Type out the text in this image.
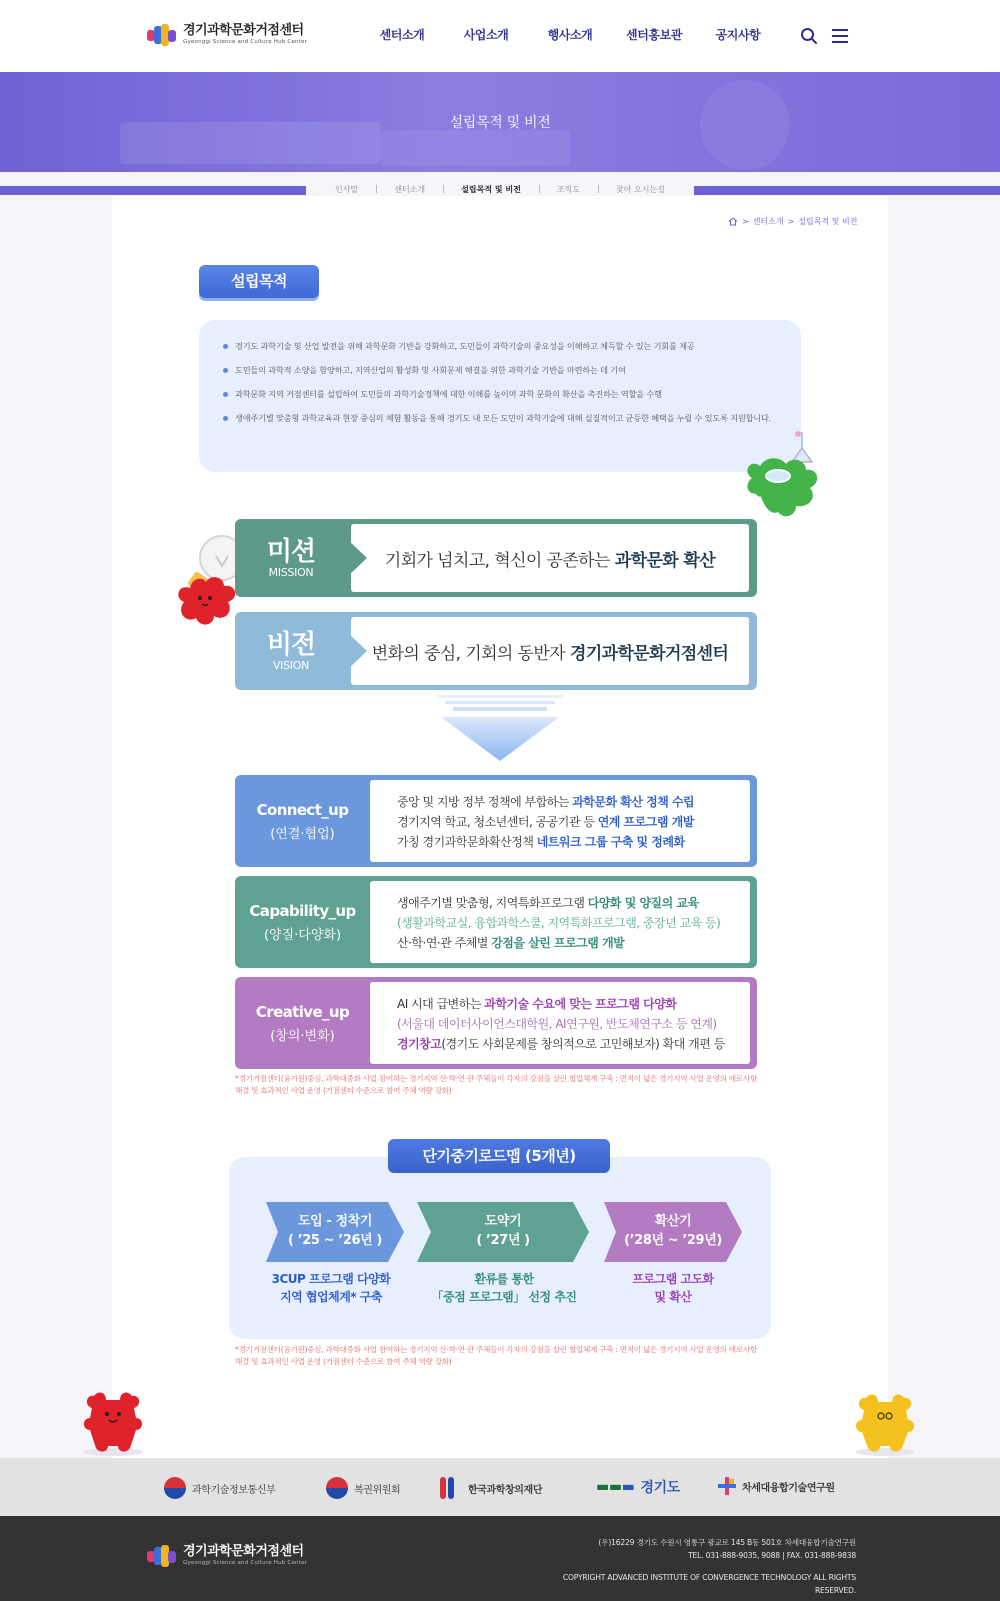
경기과학문화거점센터
Gyeonggi Science and Culture Hub Center	센터소개	사업소개	행사소개	센터홍보관	공지사항
설립목적 및 비전
인사말	센터소개	설립목적 및 비전	조직도	찾아 오시는길
> 센터소개 > 설립목적 및 비전
설립목적
경기도 과학기술 및 산업 발전을 위해 과학문화 기반을 강화하고, 도민들이 과학기술의 중요성을 이해하고 체득할 수 있는 기회를 제공
도민들의 과학적 소양을 함양하고, 지역산업의 활성화 및 사회문제 해결을 위한 과학기술 기반을 마련하는 데 기여
과학문화 지역 거점센터를 설립하여 도민들의 과학기술정책에 대한 이해를 높이며 과학 문화의 확산을 촉진하는 역할을 수행
생애주기별 맞춤형 과학교육과 현장 중심의 체험 활동을 통해 경기도 내 모든 도민이 과학기술에 대해 실질적이고 균등한 혜택을 누릴 수 있도록 지원합니다.
미션
MISSION
기회가 넘치고, 혁신이 공존하는 과학문화 확산
비전
VISION
변화의 중심, 기회의 동반자 경기과학문화거점센터
Connect_up
(연결·협업)
중앙 및 지방 정부 정책에 부합하는 과학문화 확산 정책 수립
경기지역 학교, 청소년센터, 공공기관 등 연계 프로그램 개발
가칭 경기과학문화확산정책 네트워크 그룹 구축 및 정례화
Capability_up
(양질·다양화)
생애주기별 맞춤형, 지역특화프로그램 다양화 및 양질의 교육
(생활과학교실, 융합과학스쿨, 지역특화프로그램, 중장년 교육 등)
산·학·연·관 주체별 강점을 살린 프로그램 개발
Creative_up
(창의·변화)
AI 시대 급변하는 과학기술 수요에 맞는 프로그램 다양화
(서울대 데이터사이언스대학원, AI연구원, 반도체연구소 등 연계)
경기창고(경기도 사회문제를 창의적으로 고민해보자) 확대 개편 등
*경기거점센터(융기원)중심, 과학대중화 사업 참여하는 경기지역 산·학·연·관 주체들이 각자의 강점을 살린 협업체계 구축 : 면적이 넓은 경기지역 사업 운영의 애로사항 해결 및 효과적인 사업 운영 (거점센터 수준으로 참여 주체 역량 강화)
단기중기로드맵 (5개년)
도입 - 정착기
( ’25 ~ ’26년 )
도약기
( ’27년 )
확산기
(’28년 ~ ’29년)
3CUP 프로그램 다양화
지역 협업체계* 구축
환류를 통한
「중점 프로그램」 선정 추진
프로그램 고도화
및 확산
*경기거점센터(융기원)중심, 과학대중화 사업 참여하는 경기지역 산·학·연·관 주체들이 각자의 강점을 살린 협업체계 구축 : 면적이 넓은 경기지역 사업 운영의 애로사항 해결 및 효과적인 사업 운영 (거점센터 수준으로 참여 주체 역량 강화)
과학기술정보통신부	복권위원회	한국과학창의재단	▬▬▬ 경기도	차세대융합기술연구원
경기과학문화거점센터
Gyeonggi Science and Culture Hub Center
(우)16229 경기도 수원시 영통구 광교로 145 B동 501호 차세대융합기술연구원
TEL. 031-888-9035, 9088 | FAX. 031-888-9838
COPYRIGHT ADVANCED INSTITUTE OF CONVERGENCE TECHNOLOGY ALL RIGHTS RESERVED.
